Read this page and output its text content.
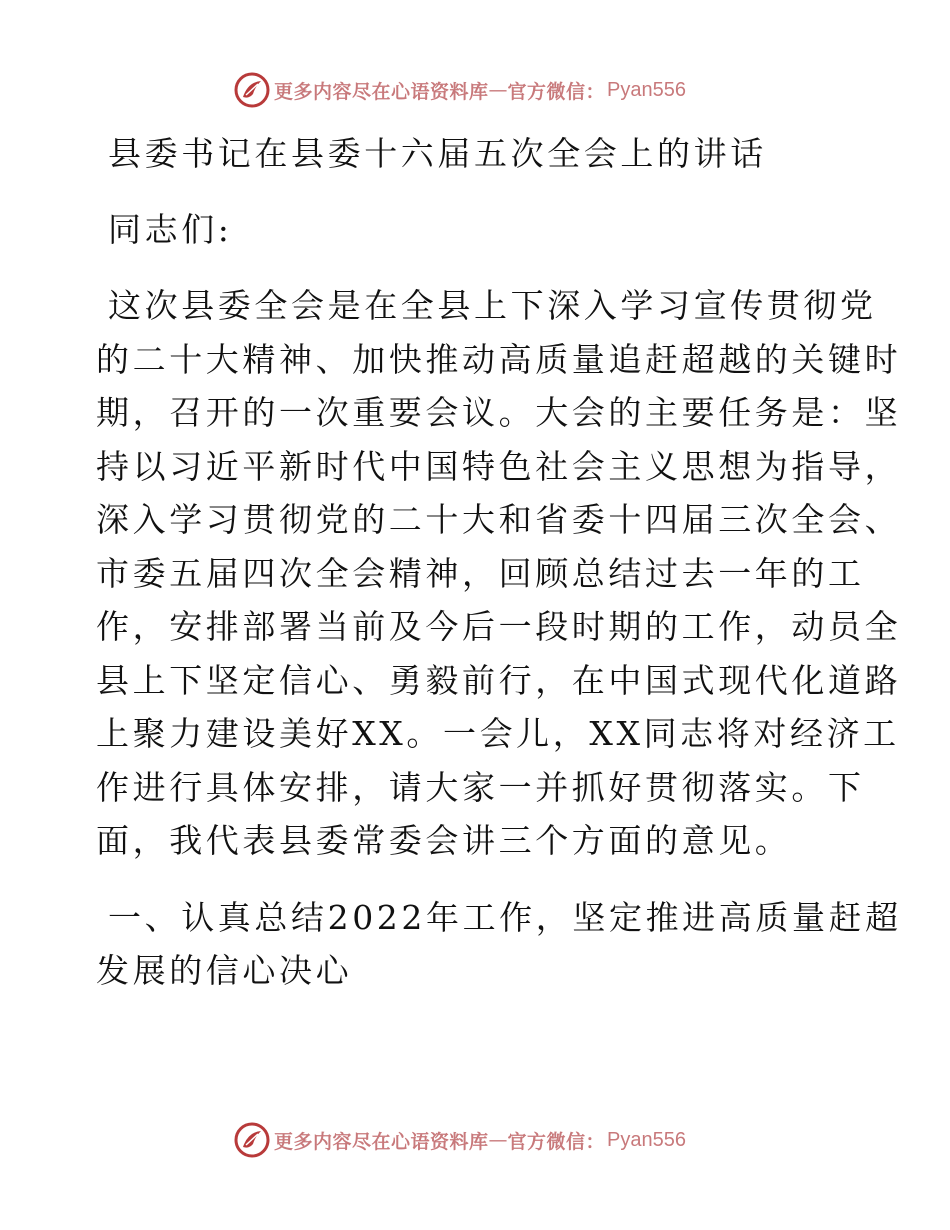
更多内容尽在心语资料库 — 官方微信： Pyan556
县委书记在县委十六届五次全会上的讲话
同志们:
这次县委全会是在全县上下深入学习宣传贯彻党
的二十大精神、加快推动高质量追赶超越的关键时
期，召开的一次重要会议。大会的主要任务是：坚
持以习近平新时代中国特色社会主义思想为指导，
深入学习贯彻党的二十大和省委十四届三次全会、
市委五届四次全会精神，回顾总结过去一年的工
作，安排部署当前及今后一段时期的工作，动员全
县上下坚定信心、勇毅前行，在中国式现代化道路
上聚力建设美好XX。一会儿，XX同志将对经济工
作进行具体安排，请大家一并抓好贯彻落实。下
面，我代表县委常委会讲三个方面的意见。
一、认真总结2022年工作，坚定推进高质量赶超
发展的信心决心
更多内容尽在心语资料库 — 官方微信： Pyan556
